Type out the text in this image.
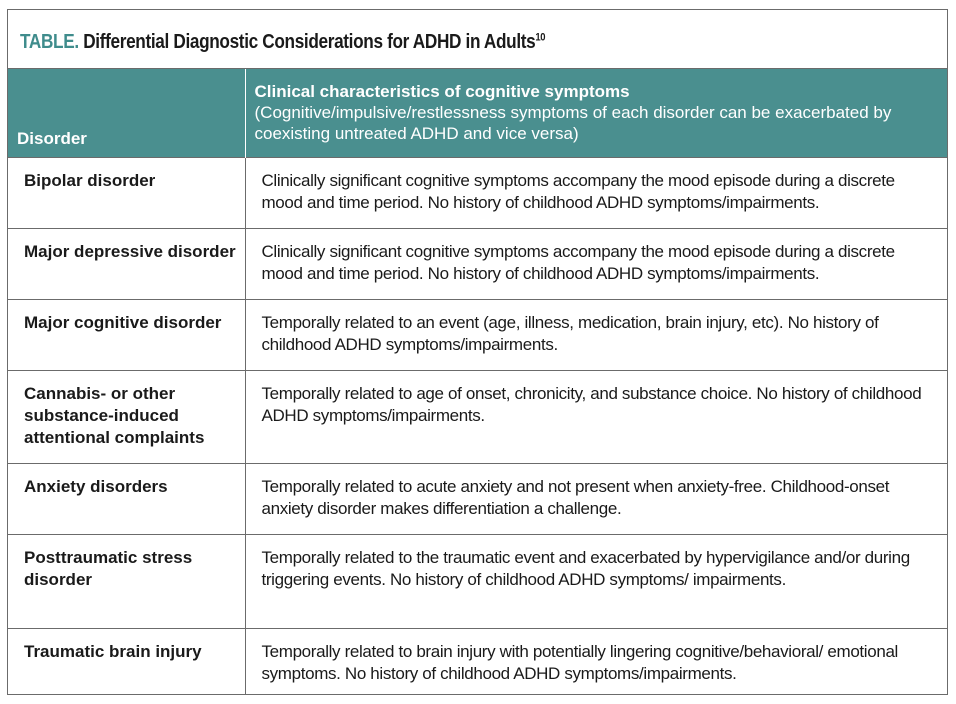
TABLE. Differential Diagnostic Considerations for ADHD in Adults$^{10}$
Disorder	Clinical characteristics of cognitive symptoms
(Cognitive/impulsive/restlessness symptoms of each disorder can be exacerbated by coexisting untreated ADHD and vice versa)

Bipolar disorder	Clinically significant cognitive symptoms accompany the mood episode during a discrete mood and time period. No history of childhood ADHD symptoms/impairments.
Major depressive disorder	Clinically significant cognitive symptoms accompany the mood episode during a discrete mood and time period. No history of childhood ADHD symptoms/impairments.
Major cognitive disorder	Temporally related to an event (age, illness, medication, brain injury, etc). No history of childhood ADHD symptoms/impairments.
Cannabis- or other substance-induced attentional complaints	Temporally related to age of onset, chronicity, and substance choice. No history of childhood ADHD symptoms/impairments.
Anxiety disorders	Temporally related to acute anxiety and not present when anxiety-free. Childhood-onset anxiety disorder makes differentiation a challenge.
Posttraumatic stress disorder	Temporally related to the traumatic event and exacerbated by hypervigilance and/or during triggering events. No history of childhood ADHD symptoms/ impairments.
Traumatic brain injury	Temporally related to brain injury with potentially lingering cognitive/behavioral/ emotional symptoms. No history of childhood ADHD symptoms/impairments.
